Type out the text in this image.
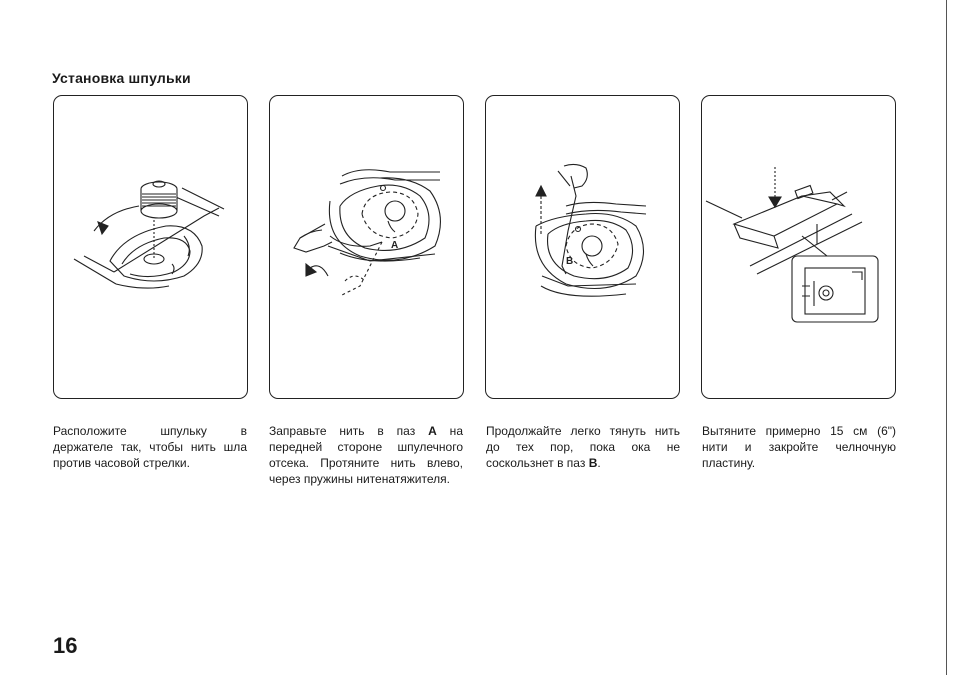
Установка шпульки
A
B
Расположите шпульку в держателе так, чтобы нить шла против часовой стрелки.
Заправьте нить в паз A на передней стороне шпулечного отсека. Протяните нить влево, через пружины нитенатяжителя.
Продолжайте легко тянуть нить до тех пор, пока ока не соскользнет в паз B.
Вытяните примерно 15 см (6") нити и закройте челночную пластину.
16
